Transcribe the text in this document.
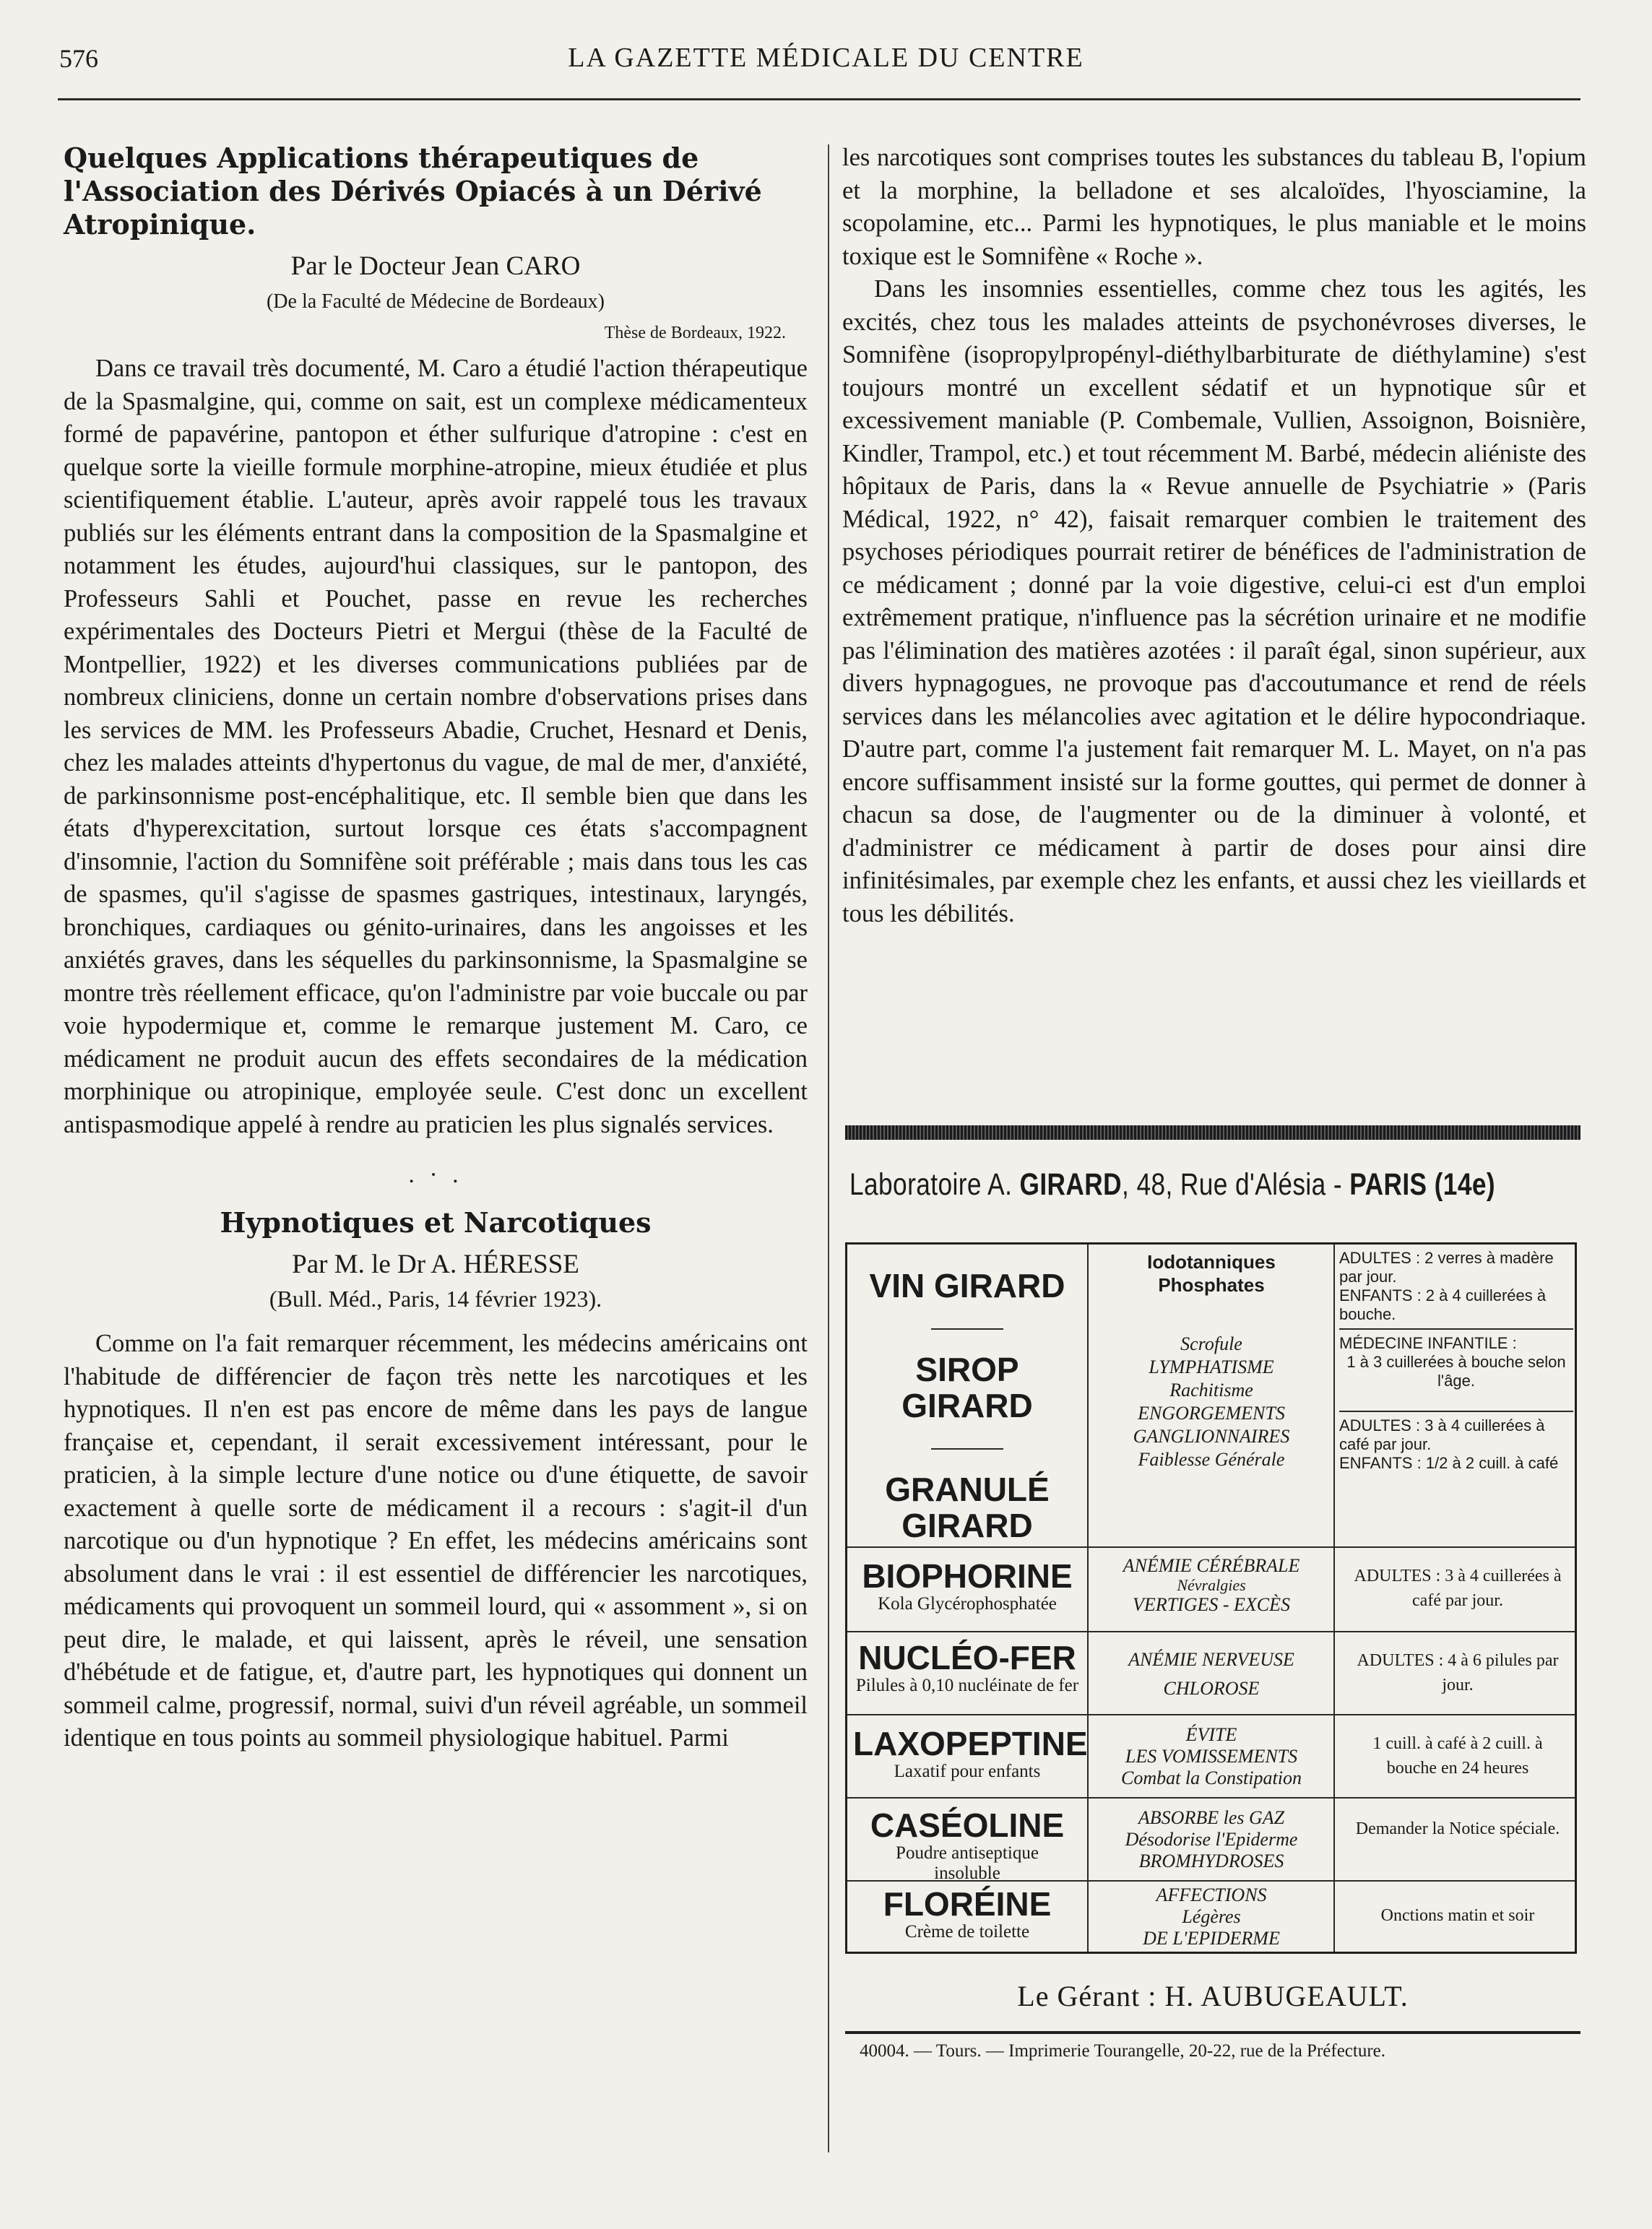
576	LA GAZETTE MÉDICALE DU CENTRE
Quelques Applications thérapeutiques de l'Association des Dérivés Opiacés à un Dérivé Atropinique.
Par le Docteur Jean CARO
(De la Faculté de Médecine de Bordeaux)
Thèse de Bordeaux, 1922.

Dans ce travail très documenté, M. Caro a étudié l'action thérapeutique de la Spasmalgine, qui, comme on sait, est un complexe médicamenteux formé de papavérine, pantopon et éther sulfurique d'atropine : c'est en quelque sorte la vieille formule morphine-atropine, mieux étudiée et plus scientifiquement établie. L'auteur, après avoir rappelé tous les travaux publiés sur les éléments entrant dans la composition de la Spasmalgine et notamment les études, aujourd'hui classiques, sur le pantopon, des Professeurs Sahli et Pouchet, passe en revue les recherches expérimentales des Docteurs Pietri et Mergui (thèse de la Faculté de Montpellier, 1922) et les diverses communications publiées par de nombreux cliniciens, donne un certain nombre d'observations prises dans les services de MM. les Professeurs Abadie, Cruchet, Hesnard et Denis, chez les malades atteints d'hypertonus du vague, de mal de mer, d'anxiété, de parkinsonnisme post-encéphalitique, etc. Il semble bien que dans les états d'hyperexcitation, surtout lorsque ces états s'accompagnent d'insomnie, l'action du Somnifène soit préférable ; mais dans tous les cas de spasmes, qu'il s'agisse de spasmes gastriques, intestinaux, laryngés, bronchiques, cardiaques ou génito-urinaires, dans les angoisses et les anxiétés graves, dans les séquelles du parkinsonnisme, la Spasmalgine se montre très réellement efficace, qu'on l'administre par voie buccale ou par voie hypodermique et, comme le remarque justement M. Caro, ce médicament ne produit aucun des effets secondaires de la médication morphinique ou atropinique, employée seule. C'est donc un excellent antispasmodique appelé à rendre au praticien les plus signalés services.

. · .
Hypnotiques et Narcotiques
Par M. le Dr A. HÉRESSE
(Bull. Méd., Paris, 14 février 1923).

Comme on l'a fait remarquer récemment, les médecins américains ont l'habitude de différencier de façon très nette les narcotiques et les hypnotiques. Il n'en est pas encore de même dans les pays de langue française et, cependant, il serait excessivement intéressant, pour le praticien, à la simple lecture d'une notice ou d'une étiquette, de savoir exactement à quelle sorte de médicament il a recours : s'agit-il d'un narcotique ou d'un hypnotique ? En effet, les médecins américains sont absolument dans le vrai : il est essentiel de différencier les narcotiques, médicaments qui provoquent un sommeil lourd, qui « assomment », si on peut dire, le malade, et qui laissent, après le réveil, une sensation d'hébétude et de fatigue, et, d'autre part, les hypnotiques qui donnent un sommeil calme, progressif, normal, suivi d'un réveil agréable, un sommeil identique en tous points au sommeil physiologique habituel. Parmi

les narcotiques sont comprises toutes les substances du tableau B, l'opium et la morphine, la belladone et ses alcaloïdes, l'hyosciamine, la scopolamine, etc... Parmi les hypnotiques, le plus maniable et le moins toxique est le Somnifène « Roche ».

Dans les insomnies essentielles, comme chez tous les agités, les excités, chez tous les malades atteints de psychonévroses diverses, le Somnifène (isopropylpropényl-diéthylbarbiturate de diéthylamine) s'est toujours montré un excellent sédatif et un hypnotique sûr et excessivement maniable (P. Combemale, Vullien, Assoignon, Boisnière, Kindler, Trampol, etc.) et tout récemment M. Barbé, médecin aliéniste des hôpitaux de Paris, dans la « Revue annuelle de Psychiatrie » (Paris Médical, 1922, n° 42), faisait remarquer combien le traitement des psychoses périodiques pourrait retirer de bénéfices de l'administration de ce médicament ; donné par la voie digestive, celui-ci est d'un emploi extrêmement pratique, n'influence pas la sécrétion urinaire et ne modifie pas l'élimination des matières azotées : il paraît égal, sinon supérieur, aux divers hypnagogues, ne provoque pas d'accoutumance et rend de réels services dans les mélancolies avec agitation et le délire hypocondriaque. D'autre part, comme l'a justement fait remarquer M. L. Mayet, on n'a pas encore suffisamment insisté sur la forme gouttes, qui permet de donner à chacun sa dose, de l'augmenter ou de la diminuer à volonté, et d'administrer ce médicament à partir de doses pour ainsi dire infinitésimales, par exemple chez les enfants, et aussi chez les vieillards et tous les débilités.

Laboratoire A. GIRARD, 48, Rue d'Alésia - PARIS (14e)
VIN GIRARD
SIROP GIRARD
GRANULÉ GIRARD
Iodotanniques Phosphates
Scrofule
LYMPHATISME
Rachitisme
ENGORGEMENTS
GANGLIONNAIRES
Faiblesse Générale
ADULTES : 2 verres à madère par jour.
ENFANTS : 2 à 4 cuillerées à bouche.
MÉDECINE INFANTILE :
1 à 3 cuillerées à bouche selon l'âge.
ADULTES : 3 à 4 cuillerées à café par jour.
ENFANTS : 1/2 à 2 cuill. à café
BIOPHORINE
Kola Glycérophosphatée
ANÉMIE CÉRÉBRALE
Névralgies
VERTIGES - EXCÈS
ADULTES : 3 à 4 cuillerées à café par jour.
NUCLÉO-FER
Pilules à 0,10 nucléinate de fer
ANÉMIE NERVEUSE
CHLOROSE
ADULTES : 4 à 6 pilules par jour.
LAXOPEPTINE
Laxatif pour enfants
ÉVITE
LES VOMISSEMENTS
Combat la Constipation
1 cuill. à café à 2 cuill. à bouche en 24 heures
CASÉOLINE
Poudre antiseptique insoluble
ABSORBE les GAZ
Désodorise l'Epiderme
BROMHYDROSES
Demander la Notice spéciale.
FLORÉINE
Crème de toilette
AFFECTIONS
Légères
DE L'EPIDERME
Onctions matin et soir
Le Gérant : H. AUBUGEAULT.
40004. — Tours. — Imprimerie Tourangelle, 20-22, rue de la Préfecture.
